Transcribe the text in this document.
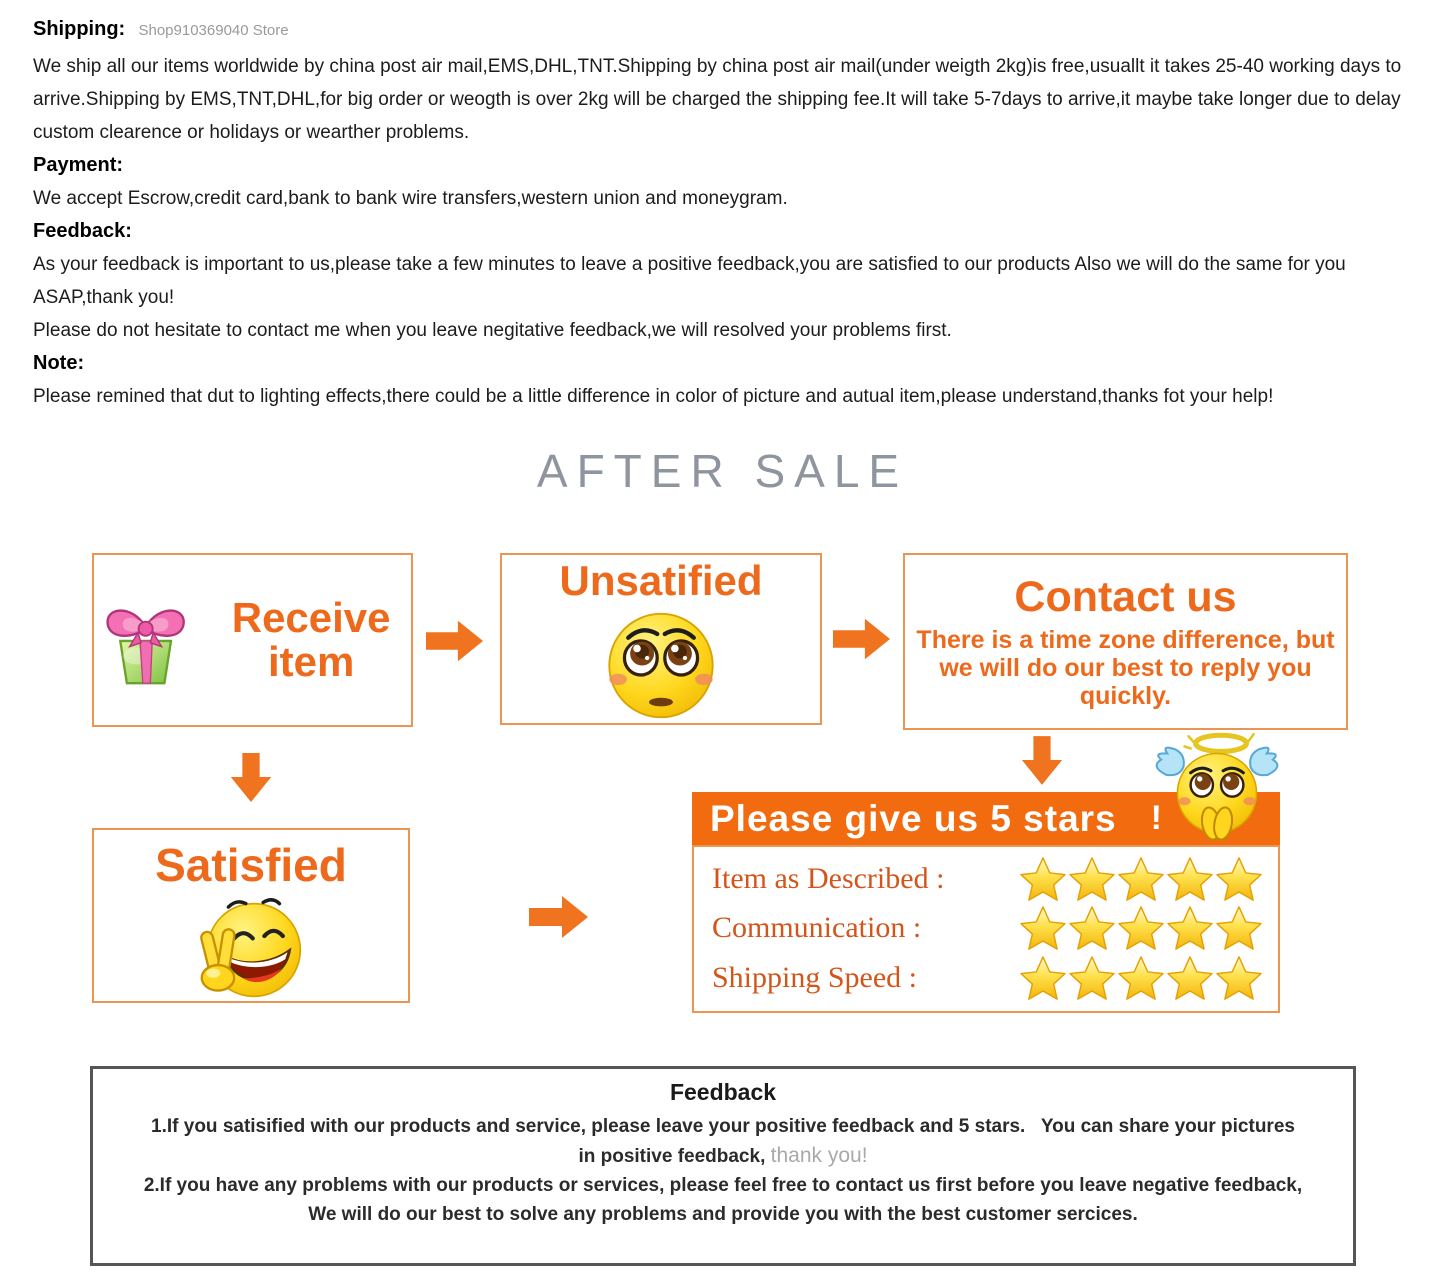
Shipping: Shop910369040 Store

We ship all our items worldwide by china post air mail,EMS,DHL,TNT.Shipping by china post air mail(under weigth 2kg)is free,usuallt it takes 25-40 working days to arrive.Shipping by EMS,TNT,DHL,for big order or weogth is over 2kg will be charged the shipping fee.It will take 5-7days to arrive,it maybe take longer due to delay custom clearence or holidays or wearther problems.

Payment:

We accept Escrow,credit card,bank to bank wire transfers,western union and moneygram.

Feedback:

As your feedback is important to us,please take a few minutes to leave a positive feedback,you are satisfied to our products Also we will do the same for you ASAP,thank you!

Please do not hesitate to contact me when you leave negitative feedback,we will resolved your problems first.

Note:

Please remined that dut to lighting effects,there could be a little difference in color of picture and autual item,please understand,thanks fot your help!

AFTER SALE
Receive item
Unsatified	Contact us
There is a time zone difference, but we will do our best to reply you quickly.
Satisfied
Please give us 5 stars !
Item as Described :
Communication :
Shipping Speed :
Feedback
1.If you satisified with our products and service, please leave your positive feedback and 5 stars.   You can share your pictures
in positive feedback, thank you!
2.If you have any problems with our products or services, please feel free to contact us first before you leave negative feedback,
We will do our best to solve any problems and provide you with the best customer sercices.
